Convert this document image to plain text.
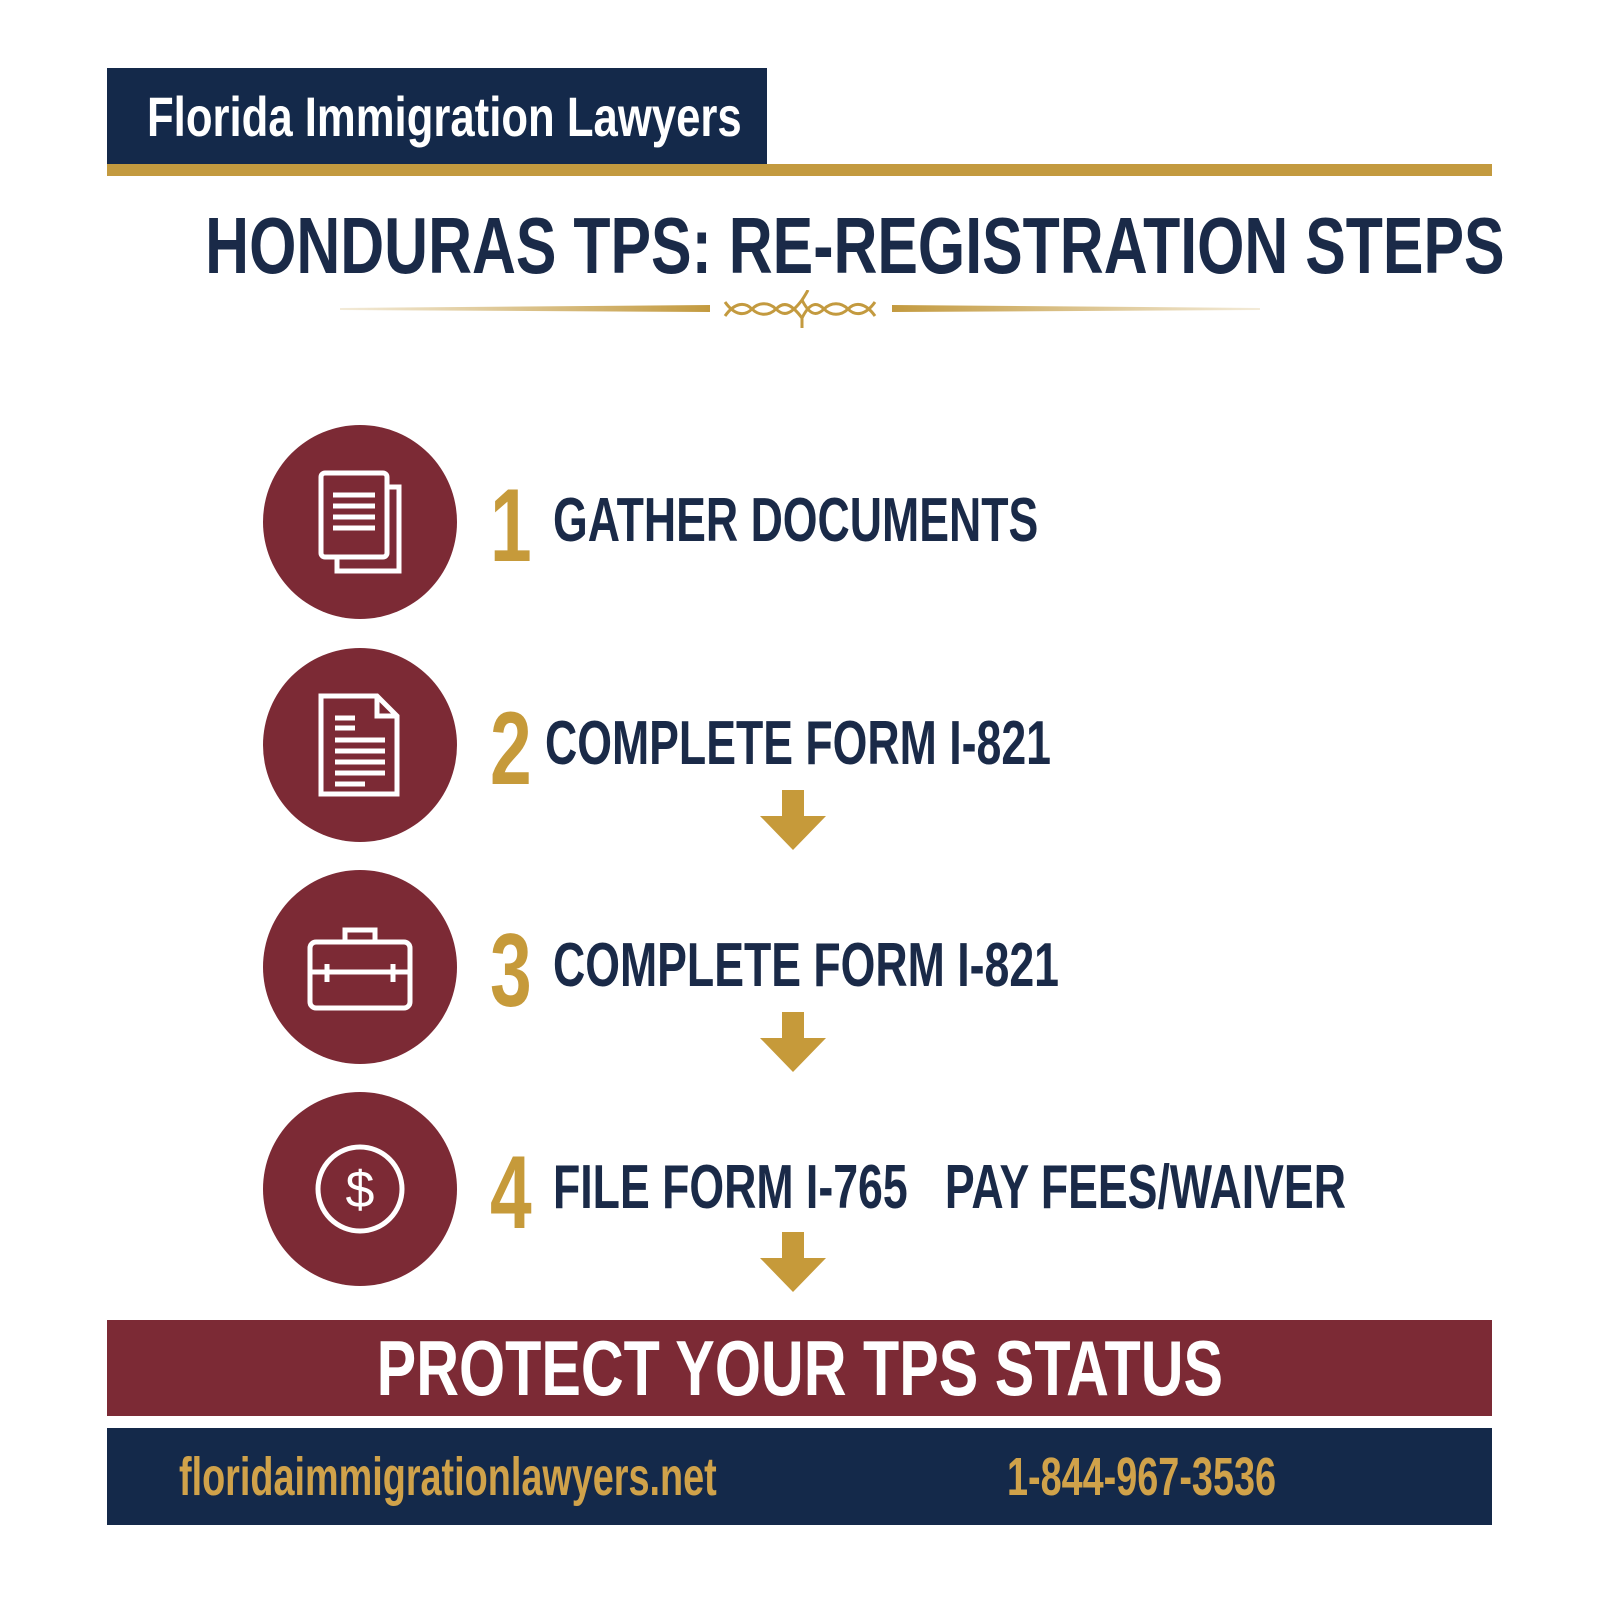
Florida Immigration Lawyers
HONDURAS TPS: RE-REGISTRATION STEPS
1 GATHER DOCUMENTS
2 COMPLETE FORM I-821
3 COMPLETE FORM I-821
$ 4 FILE FORM I-765   PAY FEES/WAIVER
PROTECT YOUR TPS STATUS
floridaimmigrationlawyers.net	1-844-967-3536
